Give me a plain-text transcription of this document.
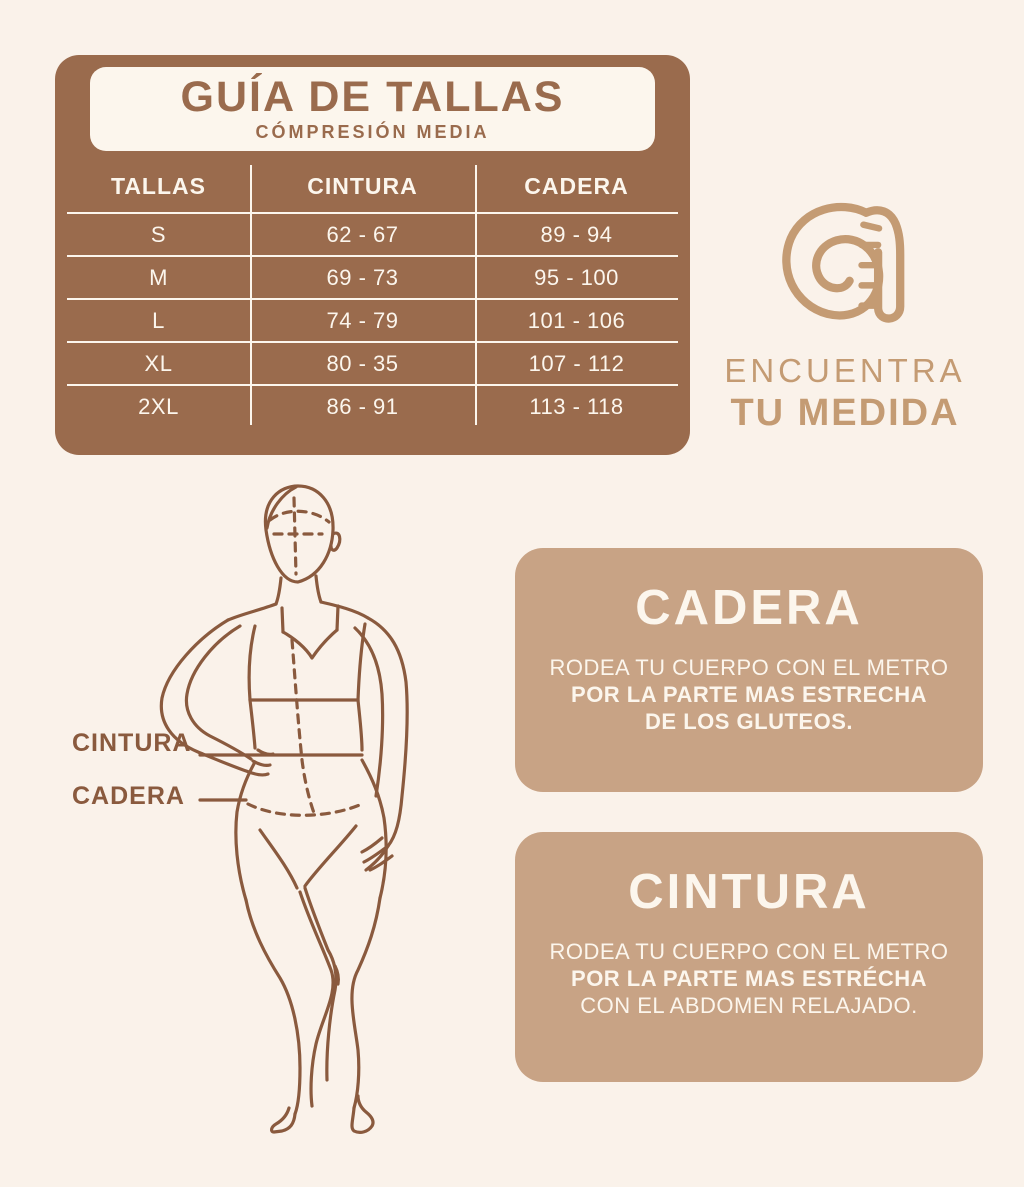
GUÍA DE TALLAS
CÓMPRESIÓN MEDIA
TALLAS	CINTURA	CADERA
S	62 - 67	89 - 94
M	69 - 73	95 - 100
L	74 - 79	101 - 106
XL	80 - 35	107 - 112
2XL	86 - 91	113 - 118
ENCUENTRA
TU MEDIDA
CINTURA
CADERA
CADERA
RODEA TU CUERPO CON EL METRO
POR LA PARTE MAS ESTRECHA
DE LOS GLUTEOS.
CINTURA
RODEA TU CUERPO CON EL METRO
POR LA PARTE MAS ESTRÉCHA
CON EL ABDOMEN RELAJADO.
